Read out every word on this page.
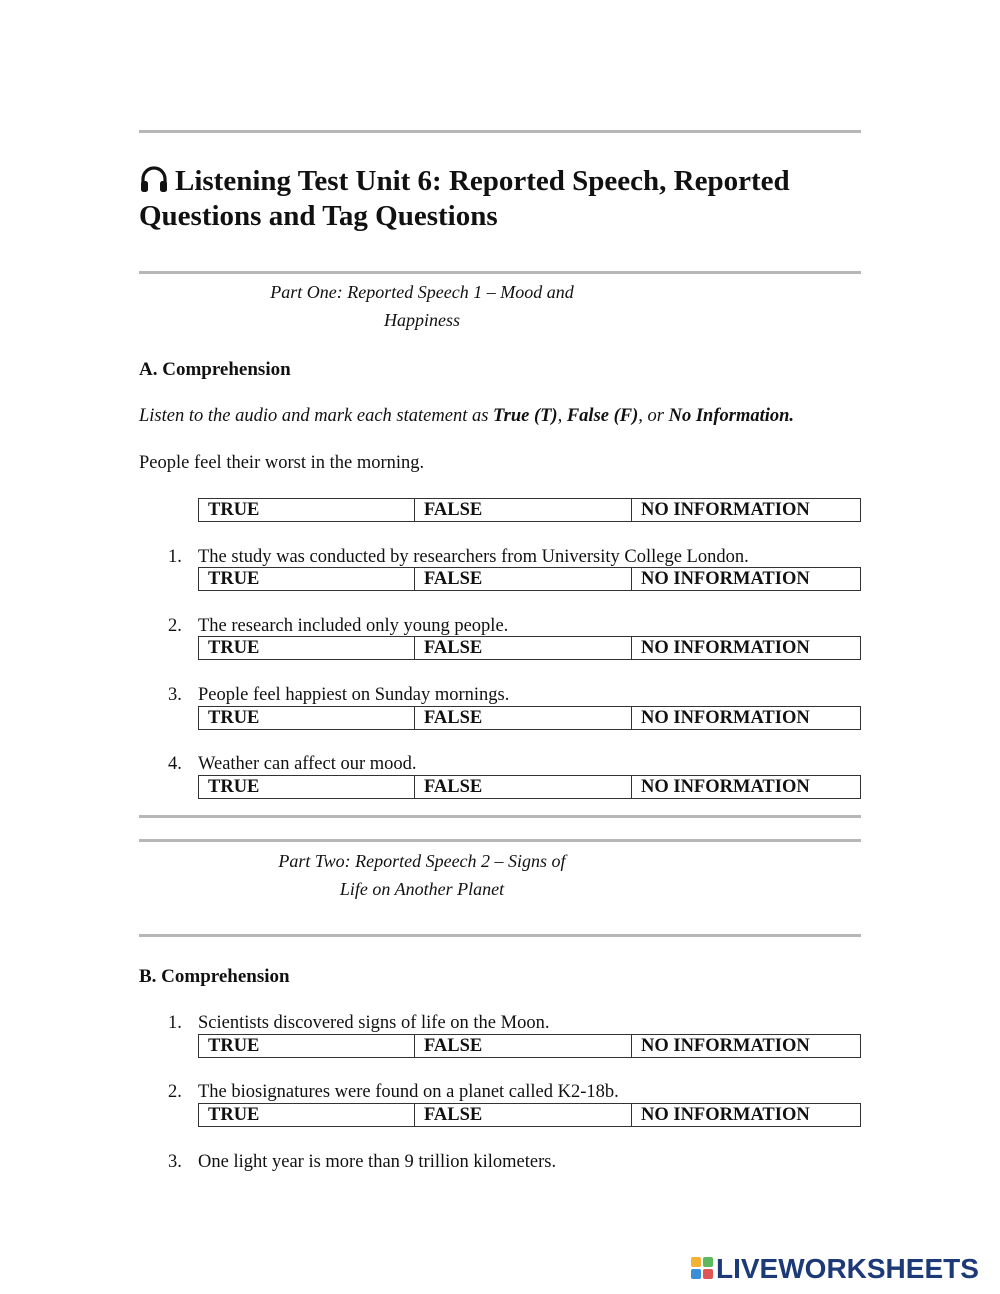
Listening Test Unit 6: Reported Speech, Reported Questions and Tag Questions
Part One: Reported Speech 1 – Mood and
Happiness
A. Comprehension
Listen to the audio and mark each statement as True (T), False (F), or No Information.
People feel their worst in the morning.
TRUE	FALSE	NO INFORMATION
1. The study was conducted by researchers from University College London.
TRUE	FALSE	NO INFORMATION
2. The research included only young people.
TRUE	FALSE	NO INFORMATION
3. People feel happiest on Sunday mornings.
TRUE	FALSE	NO INFORMATION
4. Weather can affect our mood.
TRUE	FALSE	NO INFORMATION
Part Two: Reported Speech 2 – Signs of
Life on Another Planet
B. Comprehension
1. Scientists discovered signs of life on the Moon.
TRUE	FALSE	NO INFORMATION
2. The biosignatures were found on a planet called K2-18b.
TRUE	FALSE	NO INFORMATION
3. One light year is more than 9 trillion kilometers.
LIVEWORKSHEETS
